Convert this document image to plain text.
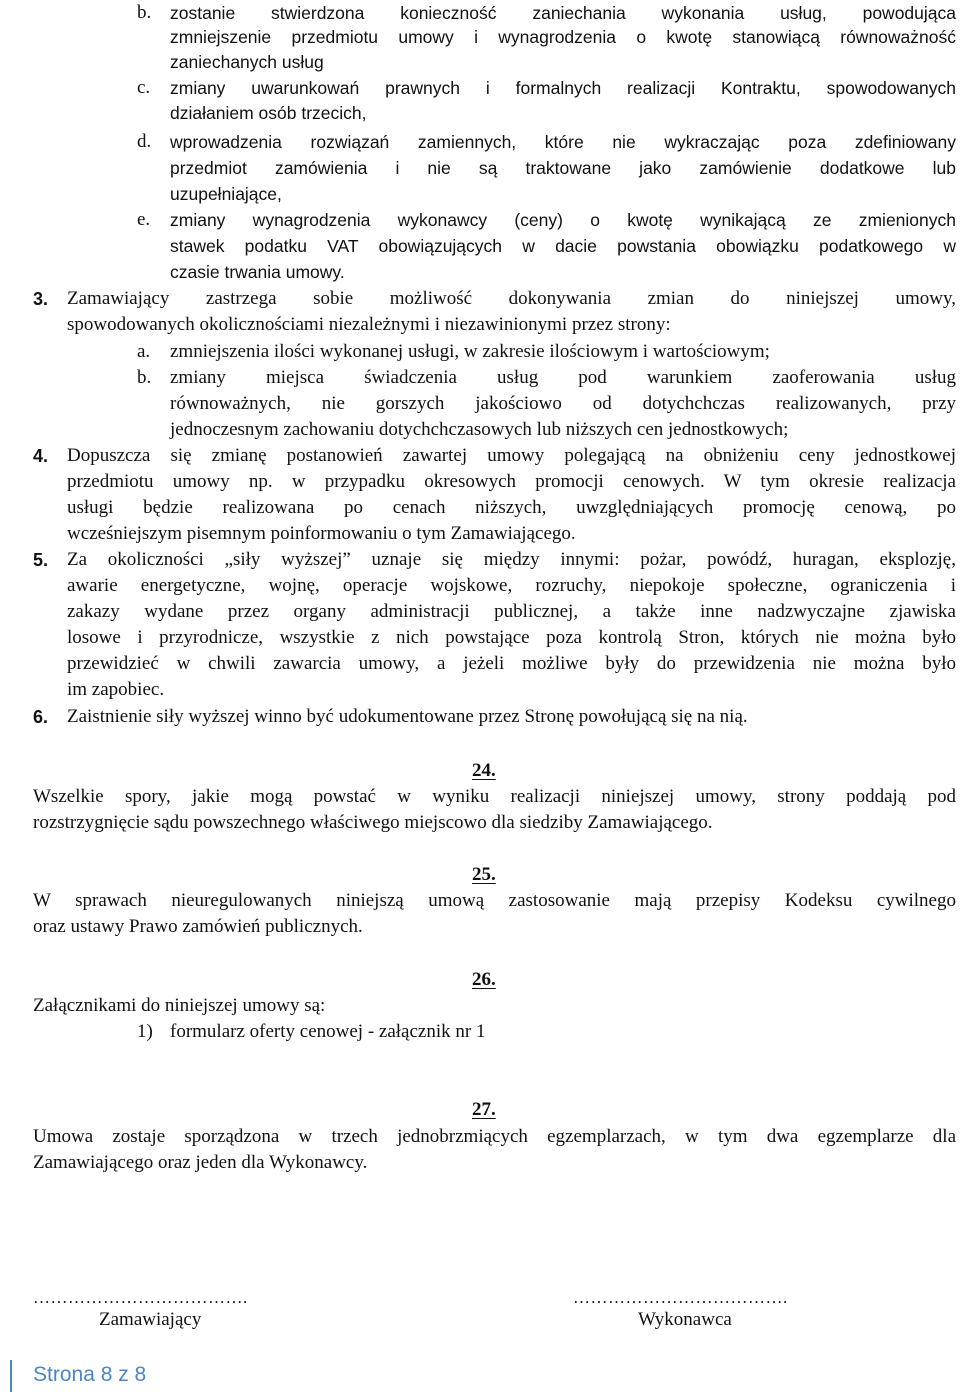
b. zostanie stwierdzona konieczność zaniechania wykonania usług, powodująca
zmniejszenie przedmiotu umowy i wynagrodzenia o kwotę stanowiącą równoważność
zaniechanych usług
c. zmiany uwarunkowań prawnych i formalnych realizacji Kontraktu, spowodowanych
działaniem osób trzecich,
d. wprowadzenia rozwiązań zamiennych, które nie wykraczając poza zdefiniowany
przedmiot zamówienia i nie są traktowane jako zamówienie dodatkowe lub
uzupełniające,
e. zmiany wynagrodzenia wykonawcy (ceny) o kwotę wynikającą ze zmienionych
stawek podatku VAT obowiązujących w dacie powstania obowiązku podatkowego w
czasie trwania umowy.
3. Zamawiający zastrzega sobie możliwość dokonywania zmian do niniejszej umowy,
spowodowanych okolicznościami niezależnymi i niezawinionymi przez strony:
a. zmniejszenia ilości wykonanej usługi, w zakresie ilościowym i wartościowym;
b. zmiany miejsca świadczenia usług pod warunkiem zaoferowania usług
równoważnych, nie gorszych jakościowo od dotychchczas realizowanych, przy
jednoczesnym zachowaniu dotychchczasowych lub niższych cen jednostkowych;
4. Dopuszcza się zmianę postanowień zawartej umowy polegającą na obniżeniu ceny jednostkowej
przedmiotu umowy np. w przypadku okresowych promocji cenowych. W tym okresie realizacja
usługi będzie realizowana po cenach niższych, uwzględniających promocję cenową, po
wcześniejszym pisemnym poinformowaniu o tym Zamawiającego.
5. Za okoliczności „siły wyższej” uznaje się między innymi: pożar, powódź, huragan, eksplozję,
awarie energetyczne, wojnę, operacje wojskowe, rozruchy, niepokoje społeczne, ograniczenia i
zakazy wydane przez organy administracji publicznej, a także inne nadzwyczajne zjawiska
losowe i przyrodnicze, wszystkie z nich powstające poza kontrolą Stron, których nie można było
przewidzieć w chwili zawarcia umowy, a jeżeli możliwe były do przewidzenia nie można było
im zapobiec.
6. Zaistnienie siły wyższej winno być udokumentowane przez Stronę powołującą się na nią.
24.
Wszelkie spory, jakie mogą powstać w wyniku realizacji niniejszej umowy, strony poddają pod
rozstrzygnięcie sądu powszechnego właściwego miejscowo dla siedziby Zamawiającego.
25.
W sprawach nieuregulowanych niniejszą umową zastosowanie mają przepisy Kodeksu cywilnego
oraz ustawy Prawo zamówień publicznych.
26.
Załącznikami do niniejszej umowy są:
1) formularz oferty cenowej - załącznik nr 1
27.
Umowa zostaje sporządzona w trzech jednobrzmiących egzemplarzach, w tym dwa egzemplarze dla
Zamawiającego oraz jeden dla Wykonawcy.
……………………………….	……………………………….
Zamawiający	Wykonawca
Strona 8 z 8
